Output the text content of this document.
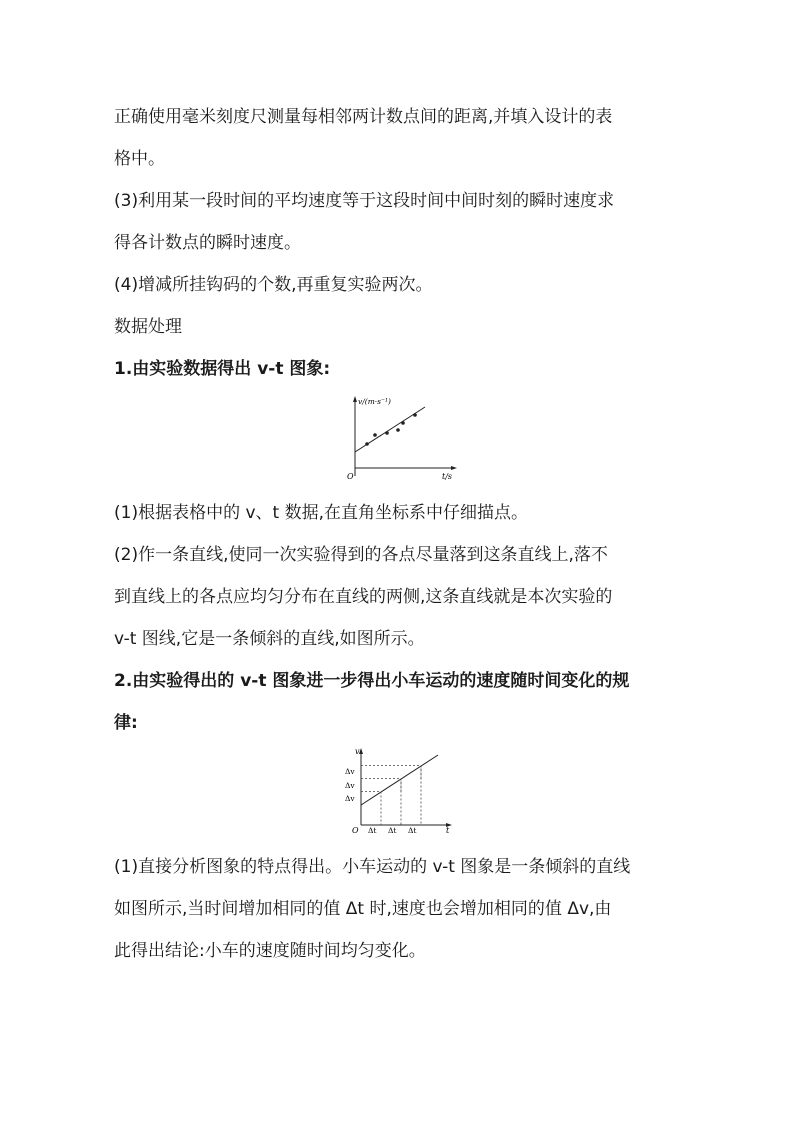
正确使用毫米刻度尺测量每相邻两计数点间的距离,并填入设计的表
格中。
(3)利用某一段时间的平均速度等于这段时间中间时刻的瞬时速度求
得各计数点的瞬时速度。
(4)增减所挂钩码的个数,再重复实验两次。
数据处理
1.由实验数据得出 v-t 图象:
v/(m·s⁻¹)
t/s
O
(1)根据表格中的 v、t 数据,在直角坐标系中仔细描点。
(2)作一条直线,使同一次实验得到的各点尽量落到这条直线上,落不
到直线上的各点应均匀分布在直线的两侧,这条直线就是本次实验的
v-t 图线,它是一条倾斜的直线,如图所示。
2.由实验得出的 v-t 图象进一步得出小车运动的速度随时间变化的规
律:
v
Δv
Δv
Δv
O Δt Δt Δt	t
(1)直接分析图象的特点得出。小车运动的 v-t 图象是一条倾斜的直线
如图所示,当时间增加相同的值 Δt 时,速度也会增加相同的值 Δv,由
此得出结论:小车的速度随时间均匀变化。
